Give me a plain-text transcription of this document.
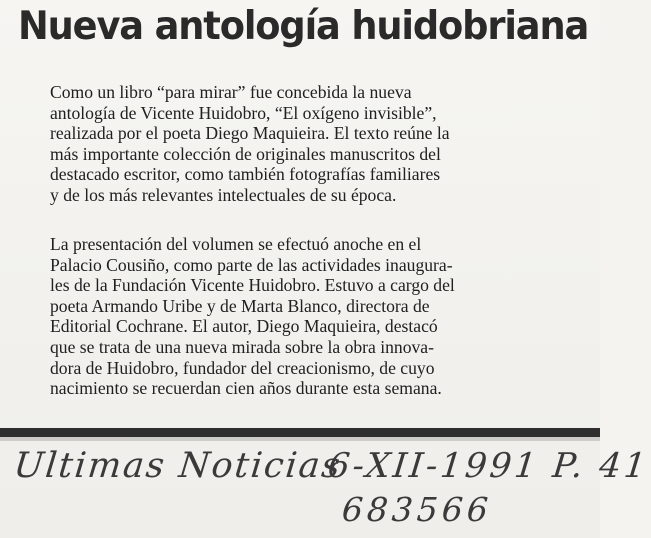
Nueva antología huidobriana
Como un libro “para mirar” fue concebida la nueva
antología de Vicente Huidobro, “El oxígeno invisible”,
realizada por el poeta Diego Maquieira. El texto reúne la
más importante colección de originales manuscritos del
destacado escritor, como también fotografías familiares
y de los más relevantes intelectuales de su época.
La presentación del volumen se efectuó anoche en el
Palacio Cousiño, como parte de las actividades inaugura-
les de la Fundación Vicente Huidobro. Estuvo a cargo del
poeta Armando Uribe y de Marta Blanco, directora de
Editorial Cochrane. El autor, Diego Maquieira, destacó
que se trata de una nueva mirada sobre la obra innova-
dora de Huidobro, fundador del creacionismo, de cuyo
nacimiento se recuerdan cien años durante esta semana.
Ultimas Noticias
6-XII-1991 P. 41
683566
